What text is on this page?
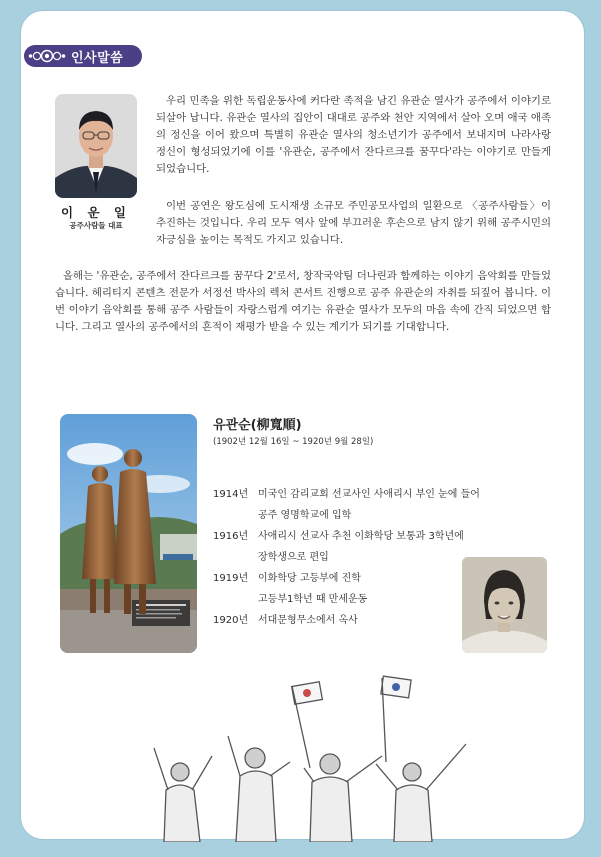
인사말씀
이 운 일
공주사람들 대표

우리 민족을 위한 독립운동사에 커다란 족적을 남긴 유관순 열사가 공주에서 이야기로 되살아 납니다. 유관순 열사의 집안이 대대로 공주와 천안 지역에서 살아 오며 애국 애족의 정신을 이어 왔으며 특별히 유관순 열사의 청소년기가 공주에서 보내지며 나라사랑 정신이 형성되었기에 이를 '유관순, 공주에서 잔다르크를 꿈꾸다'라는 이야기로 만들게 되었습니다.

이번 공연은 왕도심에 도시재생 소규모 주민공모사업의 일환으로 〈공주사람들〉이 추진하는 것입니다. 우리 모두 역사 앞에 부끄러운 후손으로 남지 않기 위해 공주시민의 자긍심을 높이는 목적도 가지고 있습니다.

올해는 '유관순, 공주에서 잔다르크를 꿈꾸다 2'로서, 창작국악팀 더나린과 함께하는 이야기 음악회를 만들었습니다. 헤리티지 콘텐츠 전문가 서정선 박사의 렉처 콘서트 진행으로 공주 유관순의 자취를 되짚어 봅니다. 이번 이야기 음악회를 통해 공주 사람들이 자랑스럽게 여기는 유관순 열사가 모두의 마음 속에 간직 되었으면 합니다. 그리고 열사의 공주에서의 흔적이 재평가 받을 수 있는 계기가 되기를 기대합니다.

유관순(柳寬順)
(1902년 12월 16일 ~ 1920년 9월 28일)
1914년 미국인 감리교회 선교사인 사애리시 부인 눈에 들어
공주 영명학교에 입학
1916년 사애리시 선교사 추천 이화학당 보통과 3학년에
장학생으로 편입
1919년 이화학당 고등부에 진학
고등부1학년 때 만세운동
1920년 서대문형무소에서 옥사
